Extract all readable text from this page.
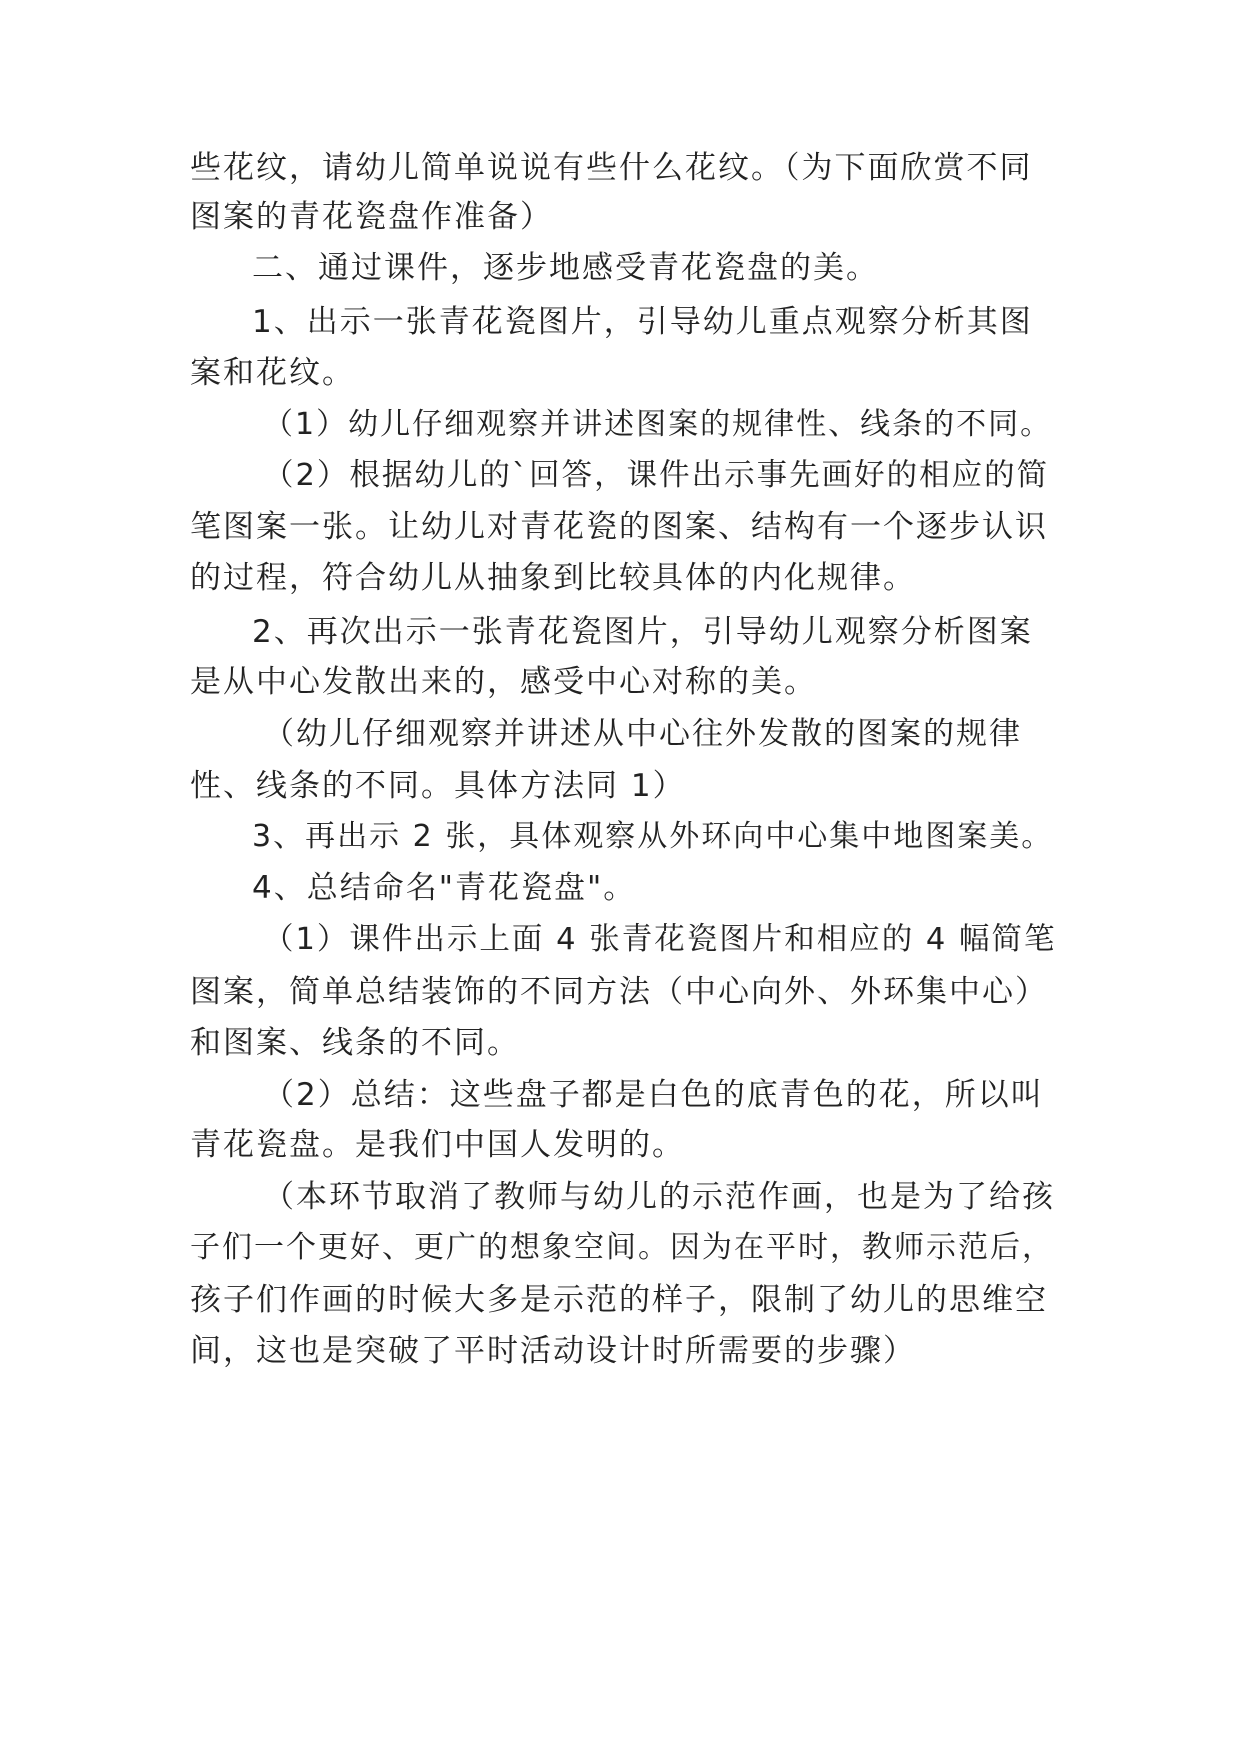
些花纹，请幼儿简单说说有些什么花纹。（为下面欣赏不同

图案的青花瓷盘作准备）

二、通过课件，逐步地感受青花瓷盘的美。

1、出示一张青花瓷图片，引导幼儿重点观察分析其图

案和花纹。

（1）幼儿仔细观察并讲述图案的规律性、线条的不同。

（2）根据幼儿的`回答，课件出示事先画好的相应的简

笔图案一张。让幼儿对青花瓷的图案、结构有一个逐步认识

的过程，符合幼儿从抽象到比较具体的内化规律。

2、再次出示一张青花瓷图片，引导幼儿观察分析图案

是从中心发散出来的，感受中心对称的美。

（幼儿仔细观察并讲述从中心往外发散的图案的规律

性、线条的不同。具体方法同 1）

3、再出示 2 张，具体观察从外环向中心集中地图案美。

4、总结命名"青花瓷盘"。

（1）课件出示上面 4 张青花瓷图片和相应的 4 幅简笔

图案，简单总结装饰的不同方法（中心向外、外环集中心）

和图案、线条的不同。

（2）总结：这些盘子都是白色的底青色的花，所以叫

青花瓷盘。是我们中国人发明的。

（本环节取消了教师与幼儿的示范作画，也是为了给孩

子们一个更好、更广的想象空间。因为在平时，教师示范后，

孩子们作画的时候大多是示范的样子，限制了幼儿的思维空

间，这也是突破了平时活动设计时所需要的步骤）
